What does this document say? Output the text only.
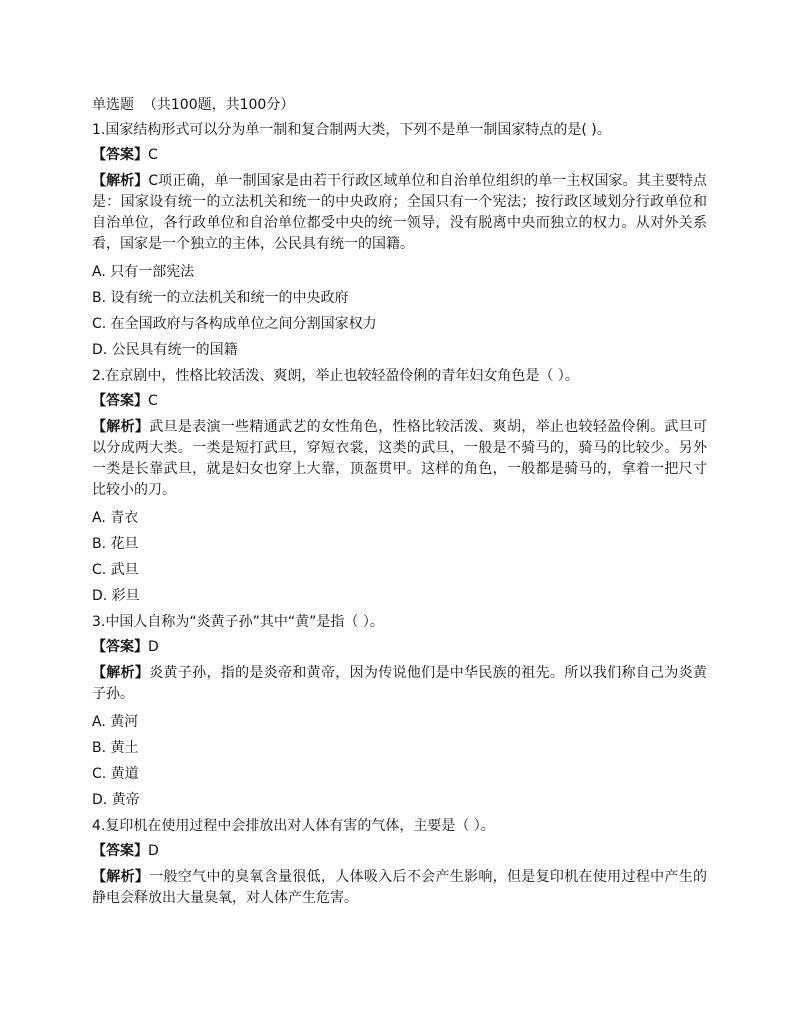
单选题  （共100题，共100分）
1.国家结构形式可以分为单一制和复合制两大类，下列不是单一制国家特点的是( )。
【答案】C
【解析】C项正确，单一制国家是由若干行政区域单位和自治单位组织的单一主权国家。其主要特点是：国家设有统一的立法机关和统一的中央政府；全国只有一个宪法；按行政区域划分行政单位和自治单位，各行政单位和自治单位都受中央的统一领导，没有脱离中央而独立的权力。从对外关系看，国家是一个独立的主体，公民具有统一的国籍。
A. 只有一部宪法
B. 设有统一的立法机关和统一的中央政府
C. 在全国政府与各构成单位之间分割国家权力
D. 公民具有统一的国籍
2.在京剧中，性格比较活泼、爽朗，举止也较轻盈伶俐的青年妇女角色是（ ）。
【答案】C
【解析】武旦是表演一些精通武艺的女性角色，性格比较活泼、爽胡，举止也较轻盈伶俐。武旦可以分成两大类。一类是短打武旦，穿短衣裳，这类的武旦，一般是不骑马的，骑马的比较少。另外一类是长靠武旦，就是妇女也穿上大靠，顶盔贯甲。这样的角色，一般都是骑马的，拿着一把尺寸比较小的刀。
A. 青衣
B. 花旦
C. 武旦
D. 彩旦
3.中国人自称为“炎黄子孙”其中“黄”是指（ ）。
【答案】D
【解析】炎黄子孙，指的是炎帝和黄帝，因为传说他们是中华民族的祖先。所以我们称自己为炎黄子孙。
A. 黄河
B. 黄土
C. 黄道
D. 黄帝
4.复印机在使用过程中会排放出对人体有害的气体，主要是（ ）。
【答案】D
【解析】一般空气中的臭氧含量很低，人体吸入后不会产生影响，但是复印机在使用过程中产生的静电会释放出大量臭氧，对人体产生危害。
